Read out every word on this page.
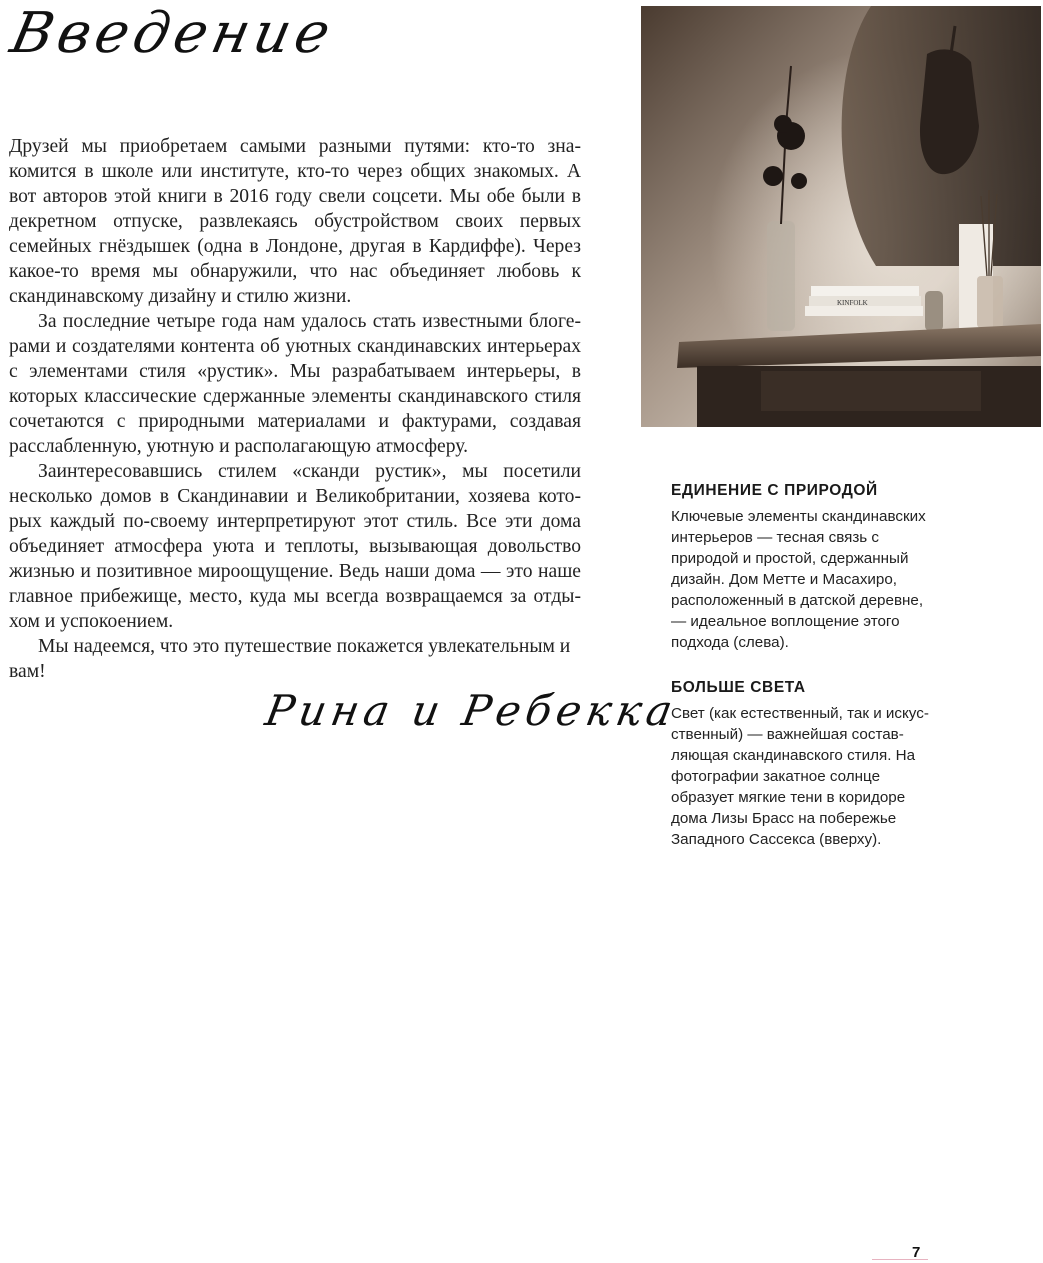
Введение

Друзей мы приобретаем самыми разными путями: кто-то знакомится в школе или институте, кто-то через общих знакомых. А вот авторов этой книги в 2016 году свели соцсети. Мы обе были в декретном отпуске, развлекаясь обустройством своих первых семейных гнёздышек (одна в Лондоне, другая в Кардиффе). Через какое-то время мы обнаружили, что нас объединяет любовь к скандинавскому дизайну и стилю жизни.

За последние четыре года нам удалось стать известными блогерами и создателями контента об уютных скандинавских интерьерах с элементами стиля «рустик». Мы разрабатываем интерьеры, в которых классические сдержанные элементы скандинавского стиля сочетаются с природными материалами и фактурами, создавая расслабленную, уютную и располагающую атмосферу.

Заинтересовавшись стилем «сканди рустик», мы посетили несколько домов в Скандинавии и Великобритании, хозяева которых каждый по-своему интерпретируют этот стиль. Все эти дома объединяет атмосфера уюта и теплоты, вызывающая довольство жизнью и позитивное мироощущение. Ведь наши дома — это наше главное прибежище, место, куда мы всегда возвращаемся за отдыхом и успокоением.

Мы надеемся, что это путешествие покажется увлекательным и вам!

Рина и Ребекка
KINFOLK
ЕДИНЕНИЕ С ПРИРОДОЙ

Ключевые элементы скандинавских интерьеров — тесная связь с природой и простой, сдержанный дизайн. Дом Метте и Масахиро, расположенный в датской деревне, — идеальное воплощение этого подхода (слева).

БОЛЬШЕ СВЕТА

Свет (как естественный, так и искусственный) — важнейшая составляющая скандинавского стиля. На фотографии закатное солнце образует мягкие тени в коридоре дома Лизы Брасс на побережье Западного Сассекса (вверху).

7
